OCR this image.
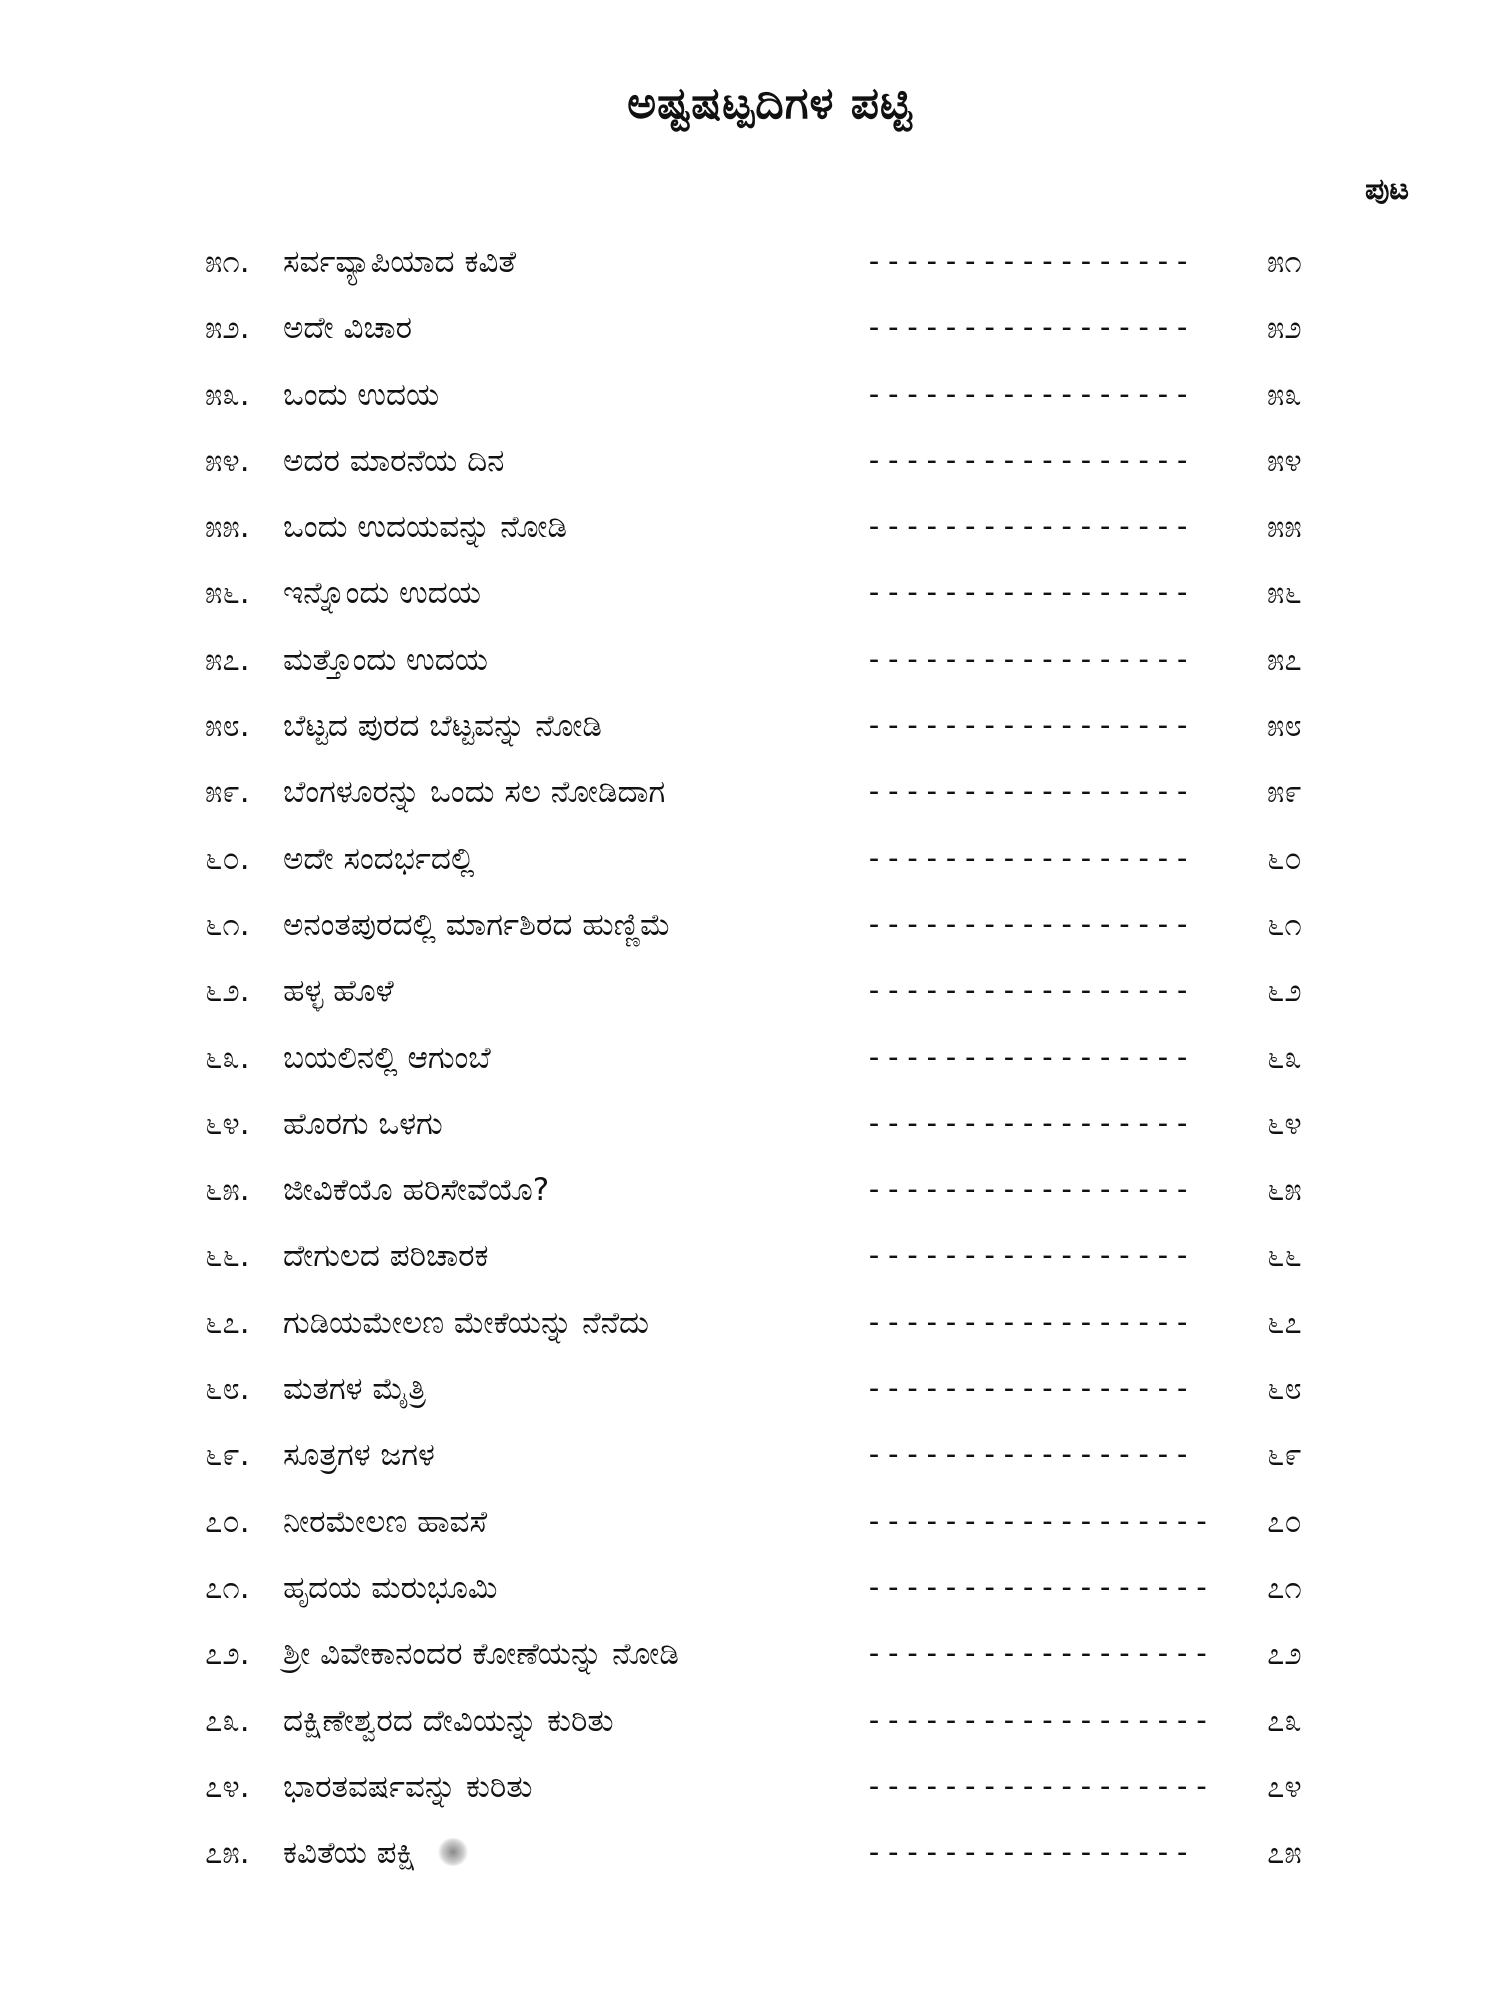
ಅಷ್ಟಷಟ್ಪದಿಗಳ ಪಟ್ಟಿ
ಪುಟ
೫೧.	ಸರ್ವವ್ಯಾಪಿಯಾದ ಕವಿತೆ	----------------- ೫೧
೫೨.	ಅದೇ ವಿಚಾರ	----------------- ೫೨
೫೩.	ಒಂದು ಉದಯ	----------------- ೫೩
೫೪.	ಅದರ ಮಾರನೆಯ ದಿನ	----------------- ೫೪
೫೫.	ಒಂದು ಉದಯವನ್ನು ನೋಡಿ	----------------- ೫೫
೫೬.	ಇನ್ನೊಂದು ಉದಯ	----------------- ೫೬
೫೭.	ಮತ್ತೊಂದು ಉದಯ	----------------- ೫೭
೫೮.	ಬೆಟ್ಟದ ಪುರದ ಬೆಟ್ಟವನ್ನು ನೋಡಿ	----------------- ೫೮
೫೯.	ಬೆಂಗಳೂರನ್ನು ಒಂದು ಸಲ ನೋಡಿದಾಗ	----------------- ೫೯
೬೦.	ಅದೇ ಸಂದರ್ಭದಲ್ಲಿ	----------------- ೬೦
೬೧.	ಅನಂತಪುರದಲ್ಲಿ ಮಾರ್ಗಶಿರದ ಹುಣ್ಣಿಮೆ	----------------- ೬೧
೬೨.	ಹಳ್ಳ ಹೊಳೆ	----------------- ೬೨
೬೩.	ಬಯಲಿನಲ್ಲಿ ಆಗುಂಬೆ	----------------- ೬೩
೬೪.	ಹೊರಗು ಒಳಗು	----------------- ೬೪
೬೫.	ಜೀವಿಕೆಯೊ ಹರಿಸೇವೆಯೊ?	----------------- ೬೫
೬೬.	ದೇಗುಲದ ಪರಿಚಾರಕ	----------------- ೬೬
೬೭.	ಗುಡಿಯಮೇಲಣ ಮೇಕೆಯನ್ನು ನೆನೆದು	----------------- ೬೭
೬೮.	ಮತಗಳ ಮೈತ್ರಿ	----------------- ೬೮
೬೯.	ಸೂತ್ರಗಳ ಜಗಳ	----------------- ೬೯
೭೦.	ನೀರಮೇಲಣ ಹಾವಸೆ	------------------ ೭೦
೭೧.	ಹೃದಯ ಮರುಭೂಮಿ	------------------ ೭೧
೭೨.	ಶ್ರೀ ವಿವೇಕಾನಂದರ ಕೋಣೆಯನ್ನು ನೋಡಿ	------------------ ೭೨
೭೩.	ದಕ್ಷಿಣೇಶ್ವರದ ದೇವಿಯನ್ನು ಕುರಿತು	------------------ ೭೩
೭೪.	ಭಾರತವರ್ಷವನ್ನು ಕುರಿತು	------------------ ೭೪
೭೫.	ಕವಿತೆಯ ಪಕ್ಷಿ	----------------- ೭೫
